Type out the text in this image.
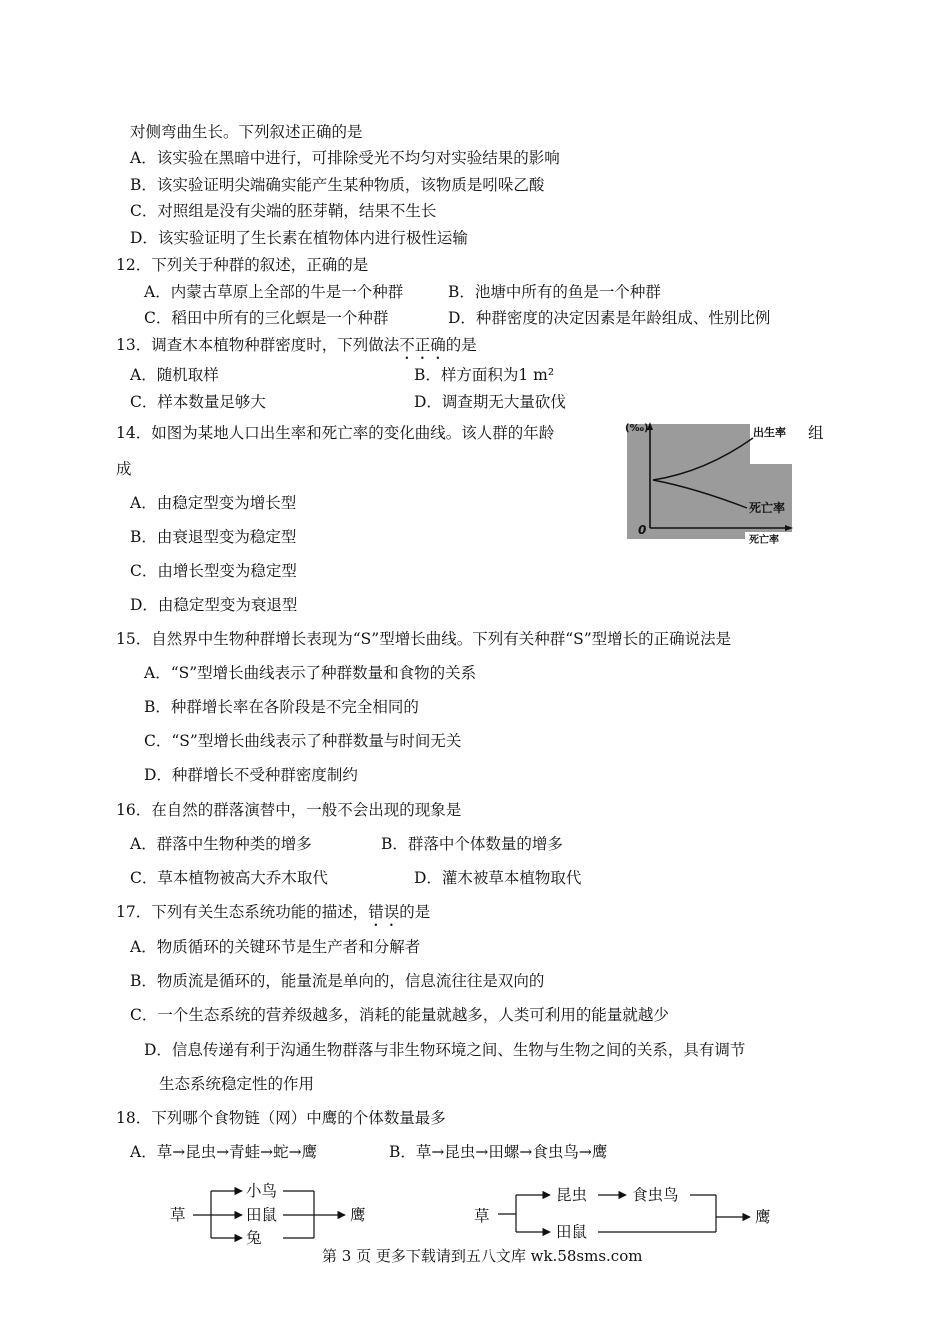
对侧弯曲生长。下列叙述正确的是
A．该实验在黑暗中进行，可排除受光不均匀对实验结果的影响
B．该实验证明尖端确实能产生某种物质，该物质是吲哚乙酸
C．对照组是没有尖端的胚芽鞘，结果不生长
D．该实验证明了生长素在植物体内进行极性运输
12．下列关于种群的叙述，正确的是
A．内蒙古草原上全部的牛是一个种群	B．池塘中所有的鱼是一个种群
C．稻田中所有的三化螟是一个种群	D．种群密度的决定因素是年龄组成、性别比例
13．调查木本植物种群密度时，下列做法不正确的是
A．随机取样	B．样方面积为1 m²
C．样本数量足够大	D．调查期无大量砍伐
14．如图为某地人口出生率和死亡率的变化曲线。该人群的年龄	组
成
A．由稳定型变为增长型
B．由衰退型变为稳定型
C．由增长型变为稳定型
D．由稳定型变为衰退型
(‰)	出生率
死亡率
0
死亡率
15．自然界中生物种群增长表现为“S”型增长曲线。下列有关种群“S”型增长的正确说法是
A．“S”型增长曲线表示了种群数量和食物的关系
B．种群增长率在各阶段是不完全相同的
C．“S”型增长曲线表示了种群数量与时间无关
D．种群增长不受种群密度制约
16．在自然的群落演替中，一般不会出现的现象是
A．群落中生物种类的增多	B．群落中个体数量的增多
C．草本植物被高大乔木取代	D．灌木被草本植物取代
17．下列有关生态系统功能的描述，错误的是
A．物质循环的关键环节是生产者和分解者
B．物质流是循环的，能量流是单向的，信息流往往是双向的
C．一个生态系统的营养级越多，消耗的能量就越多，人类可利用的能量就越少
D．信息传递有利于沟通生物群落与非生物环境之间、生物与生物之间的关系，具有调节
生态系统稳定性的作用
18．下列哪个食物链（网）中鹰的个体数量最多
A．草→昆虫→青蛙→蛇→鹰	B．草→昆虫→田螺→食虫鸟→鹰
草
小鸟
田鼠
兔
鹰	草
昆虫	食虫鸟
田鼠
鹰
第 3 页 更多下载请到五八文库 wk.58sms.com
